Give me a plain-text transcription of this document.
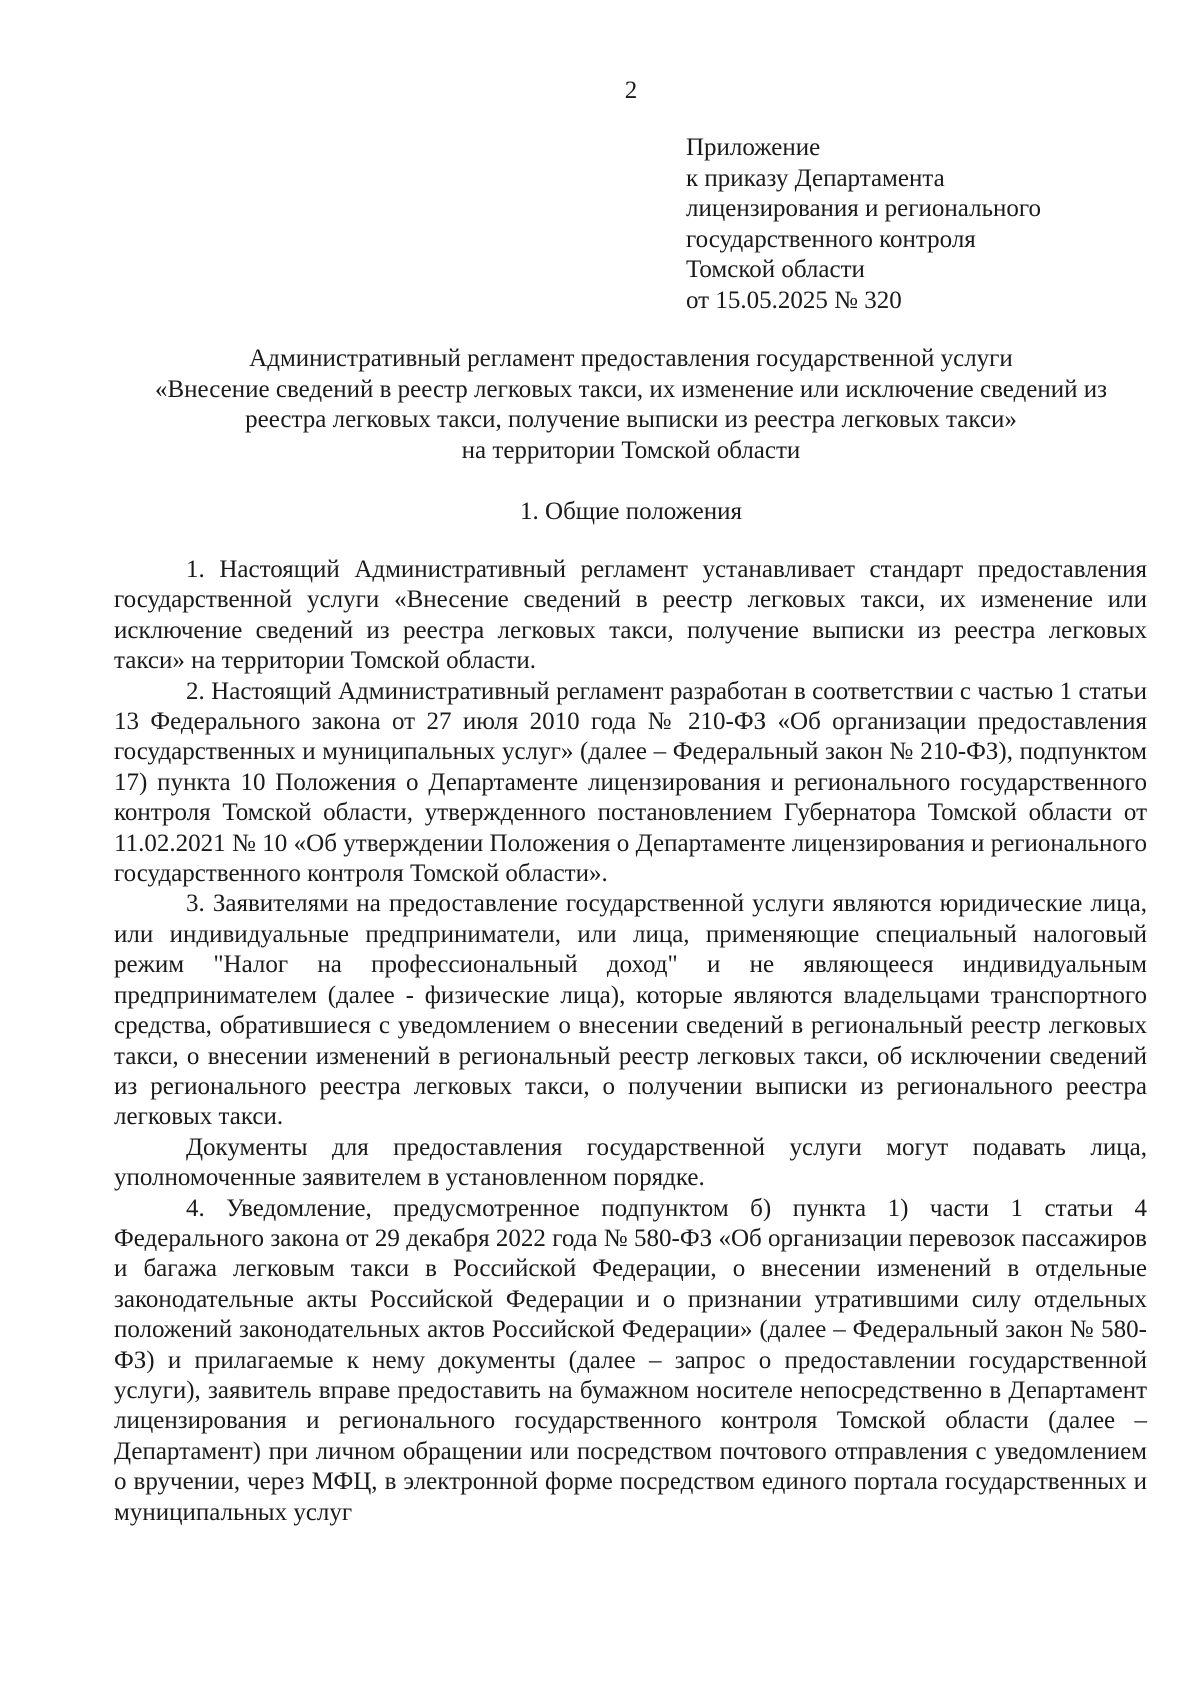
2
Приложение
к приказу Департамента
лицензирования и регионального
государственного контроля
Томской области
от 15.05.2025 № 320
Административный регламент предоставления государственной услуги
«Внесение сведений в реестр легковых такси, их изменение или исключение сведений из
реестра легковых такси, получение выписки из реестра легковых такси»
на территории Томской области
1. Общие положения

1. Настоящий Административный регламент устанавливает стандарт предоставления государственной услуги «Внесение сведений в реестр легковых такси, их изменение или исключение сведений из реестра легковых такси, получение выписки из реестра легковых такси» на территории Томской области.

2. Настоящий Административный регламент разработан в соответствии с частью 1 статьи 13 Федерального закона от 27 июля 2010 года № 210-ФЗ «Об организации предоставления государственных и муниципальных услуг» (далее – Федеральный закон № 210-ФЗ), подпунктом 17) пункта 10 Положения о Департаменте лицензирования и регионального государственного контроля Томской области, утвержденного постановлением Губернатора Томской области от 11.02.2021 № 10 «Об утверждении Положения о Департаменте лицензирования и регионального государственного контроля Томской области».

3. Заявителями на предоставление государственной услуги являются юридические лица, или индивидуальные предприниматели, или лица, применяющие специальный налоговый режим "Налог на профессиональный доход" и не являющееся индивидуальным предпринимателем (далее - физические лица), которые являются владельцами транспортного средства, обратившиеся с уведомлением о внесении сведений в региональный реестр легковых такси, о внесении изменений в региональный реестр легковых такси, об исключении сведений из регионального реестра легковых такси, о получении выписки из регионального реестра легковых такси.

Документы для предоставления государственной услуги могут подавать лица, уполномоченные заявителем в установленном порядке.

4. Уведомление, предусмотренное подпунктом б) пункта 1) части 1 статьи 4 Федерального закона от 29 декабря 2022 года № 580-ФЗ «Об организации перевозок пассажиров и багажа легковым такси в Российской Федерации, о внесении изменений в отдельные законодательные акты Российской Федерации и о признании утратившими силу отдельных положений законодательных актов Российской Федерации» (далее – Федеральный закон № 580-ФЗ) и прилагаемые к нему документы (далее – запрос о предоставлении государственной услуги), заявитель вправе предоставить на бумажном носителе непосредственно в Департамент лицензирования и регионального государственного контроля Томской области (далее – Департамент) при личном обращении или посредством почтового отправления с уведомлением о вручении, через МФЦ, в электронной форме посредством единого портала государственных и муниципальных услуг
